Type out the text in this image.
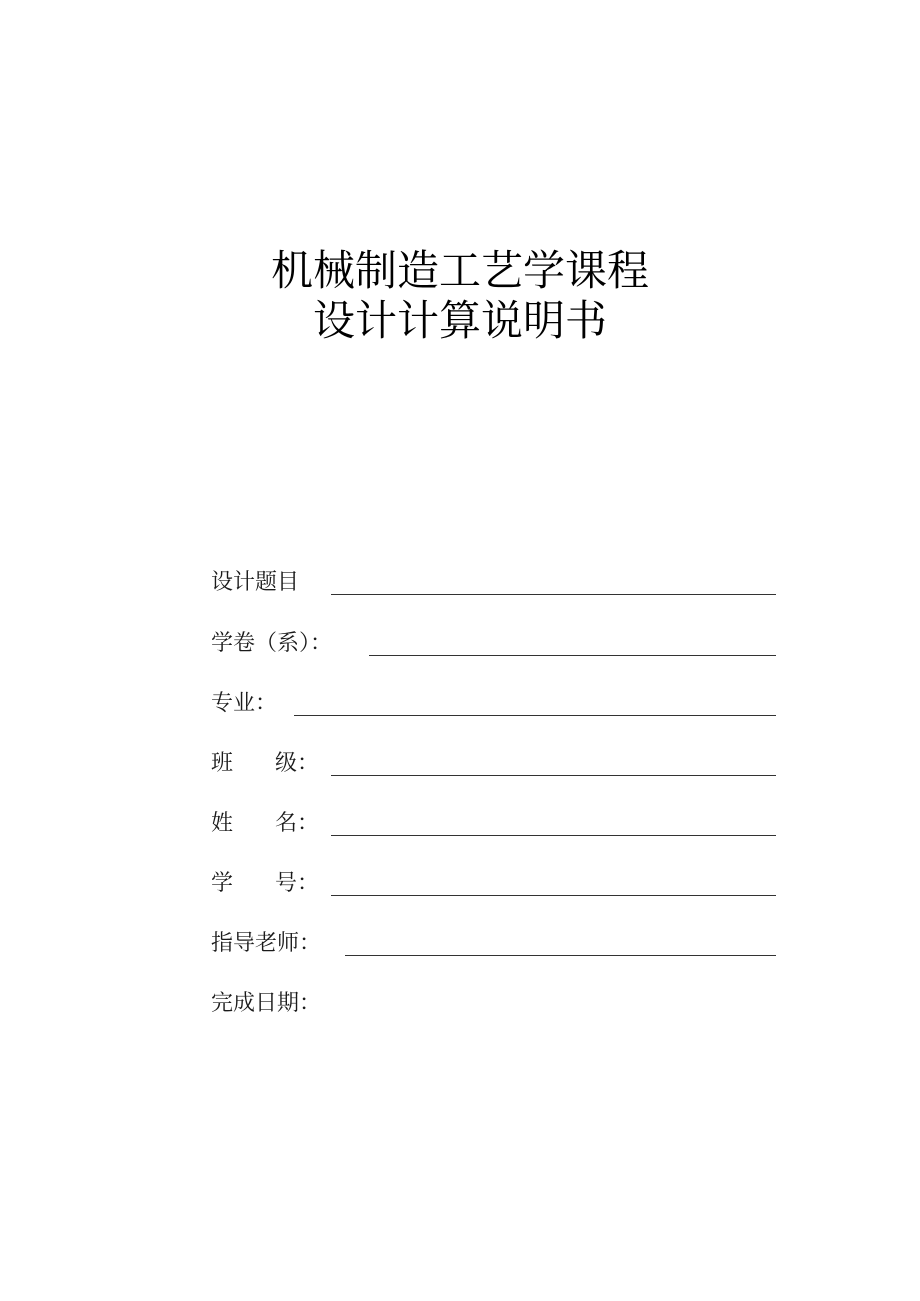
机械制造工艺学课程
设计计算说明书
设计题目
学卷（系）：
专业：
班      级：
姓      名：
学      号：
指导老师：
完成日期：
